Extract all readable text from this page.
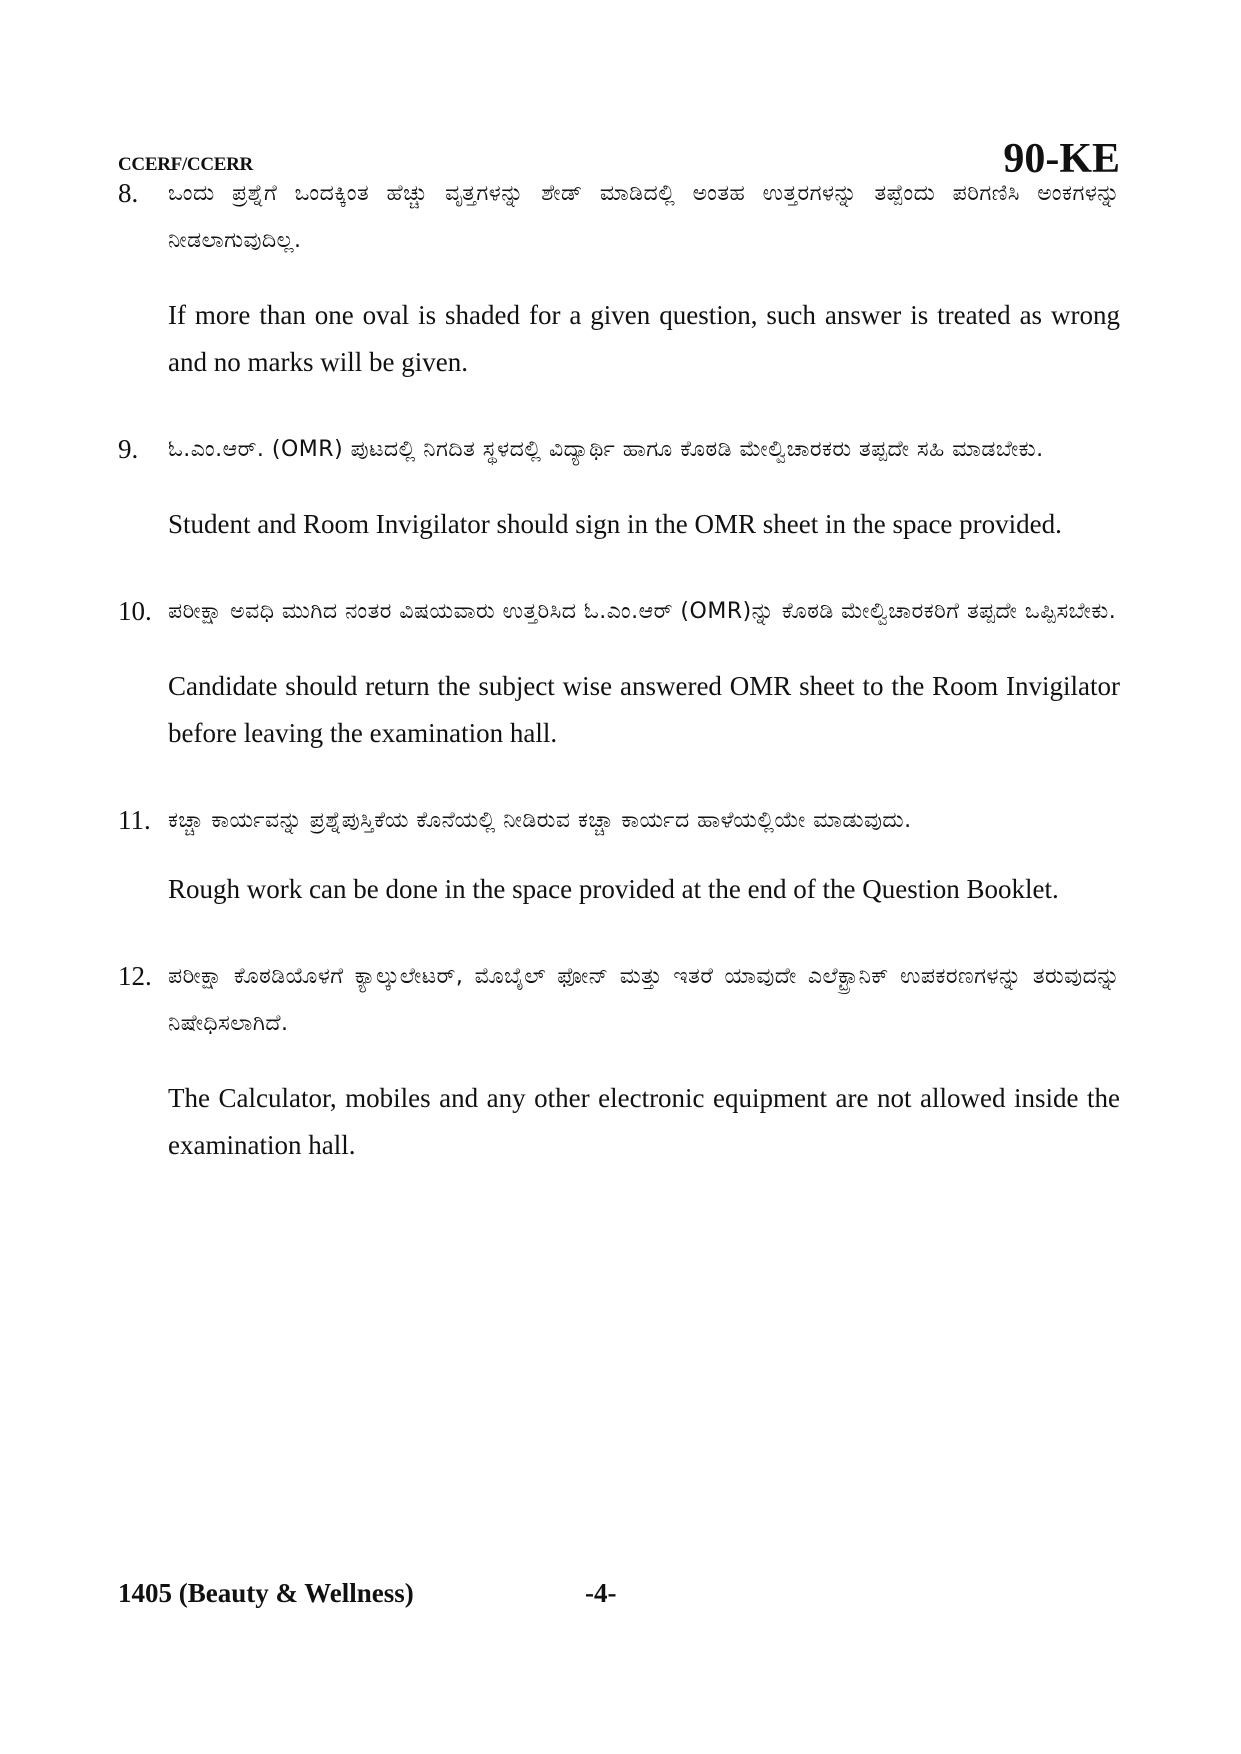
CCERF/CCERR	90-KE
8. ಒಂದು ಪ್ರಶ್ನೆಗೆ ಒಂದಕ್ಕಿಂತ ಹೆಚ್ಚು ವೃತ್ತಗಳನ್ನು ಶೇಡ್ ಮಾಡಿದಲ್ಲಿ ಅಂತಹ ಉತ್ತರಗಳನ್ನು ತಪ್ಪೆಂದು ಪರಿಗಣಿಸಿ ಅಂಕಗಳನ್ನು ನೀಡಲಾಗುವುದಿಲ್ಲ.
If more than one oval is shaded for a given question, such answer is treated as wrong and no marks will be given.
9. ಓ.ಎಂ.ಆರ್. (OMR) ಪುಟದಲ್ಲಿ ನಿಗದಿತ ಸ್ಥಳದಲ್ಲಿ ವಿದ್ಯಾರ್ಥಿ ಹಾಗೂ ಕೊಠಡಿ ಮೇಲ್ವಿಚಾರಕರು ತಪ್ಪದೇ ಸಹಿ ಮಾಡಬೇಕು.
Student and Room Invigilator should sign in the OMR sheet in the space provided.
10. ಪರೀಕ್ಷಾ ಅವಧಿ ಮುಗಿದ ನಂತರ ವಿಷಯವಾರು ಉತ್ತರಿಸಿದ ಓ.ಎಂ.ಆರ್ (OMR)ನ್ನು ಕೊಠಡಿ ಮೇಲ್ವಿಚಾರಕರಿಗೆ ತಪ್ಪದೇ ಒಪ್ಪಿಸಬೇಕು.
Candidate should return the subject wise answered OMR sheet to the Room Invigilator before leaving the examination hall.
11. ಕಚ್ಚಾ ಕಾರ್ಯವನ್ನು ಪ್ರಶ್ನೆಪುಸ್ತಿಕೆಯ ಕೊನೆಯಲ್ಲಿ ನೀಡಿರುವ ಕಚ್ಚಾ ಕಾರ್ಯದ ಹಾಳೆಯಲ್ಲಿಯೇ ಮಾಡುವುದು.
Rough work can be done in the space provided at the end of the Question Booklet.
12. ಪರೀಕ್ಷಾ ಕೊಠಡಿಯೊಳಗೆ ಕ್ಯಾಲ್ಕುಲೇಟರ್, ಮೊಬೈಲ್ ಫೋನ್ ಮತ್ತು ಇತರೆ ಯಾವುದೇ ಎಲೆಕ್ಟ್ರಾನಿಕ್ ಉಪಕರಣಗಳನ್ನು ತರುವುದನ್ನು ನಿಷೇಧಿಸಲಾಗಿದೆ.
The Calculator, mobiles and any other electronic equipment are not allowed inside the examination hall.
1405 (Beauty & Wellness)	-4-
